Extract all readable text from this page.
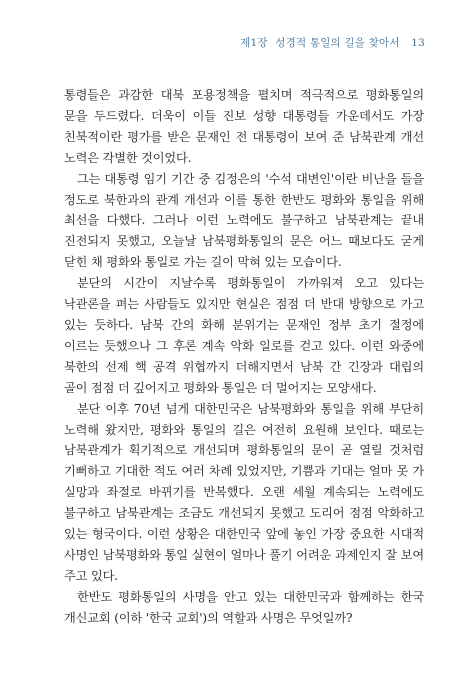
제1장 성경적 통일의 길을 찾아서 13

통령들은 과감한 대북 포용정책을 펼치며 적극적으로 평화통일의 문을 두드렸다. 더욱이 이들 진보 성향 대통령들 가운데서도 가장 친북적이란 평가를 받은 문재인 전 대통령이 보여 준 남북관계 개선 노력은 각별한 것이었다.

그는 대통령 임기 기간 중 김정은의 '수석 대변인'이란 비난을 들을 정도로 북한과의 관계 개선과 이를 통한 한반도 평화와 통일을 위해 최선을 다했다. 그러나 이런 노력에도 불구하고 남북관계는 끝내 진전되지 못했고, 오늘날 남북평화통일의 문은 어느 때보다도 굳게 닫힌 채 평화와 통일로 가는 길이 막혀 있는 모습이다.

분단의 시간이 지날수록 평화통일이 가까워져 오고 있다는 낙관론을 펴는 사람들도 있지만 현실은 점점 더 반대 방향으로 가고 있는 듯하다. 남북 간의 화해 분위기는 문재인 정부 초기 절정에 이르는 듯했으나 그 후론 계속 악화 일로를 걷고 있다. 이런 와중에 북한의 선제 핵 공격 위협까지 더해지면서 남북 간 긴장과 대립의 골이 점점 더 깊어지고 평화와 통일은 더 멀어지는 모양새다.

분단 이후 70년 넘게 대한민국은 남북평화와 통일을 위해 부단히 노력해 왔지만, 평화와 통일의 길은 여전히 요원해 보인다. 때로는 남북관계가 획기적으로 개선되며 평화통일의 문이 곧 열릴 것처럼 기뻐하고 기대한 적도 여러 차례 있었지만, 기쁨과 기대는 얼마 못 가 실망과 좌절로 바뀌기를 반복했다. 오랜 세월 계속되는 노력에도 불구하고 남북관계는 조금도 개선되지 못했고 도리어 점점 악화하고 있는 형국이다. 이런 상황은 대한민국 앞에 놓인 가장 중요한 시대적 사명인 남북평화와 통일 실현이 얼마나 풀기 어려운 과제인지 잘 보여 주고 있다.

한반도 평화통일의 사명을 안고 있는 대한민국과 함께하는 한국 개신교회 (이하 '한국 교회')의 역할과 사명은 무엇일까?
